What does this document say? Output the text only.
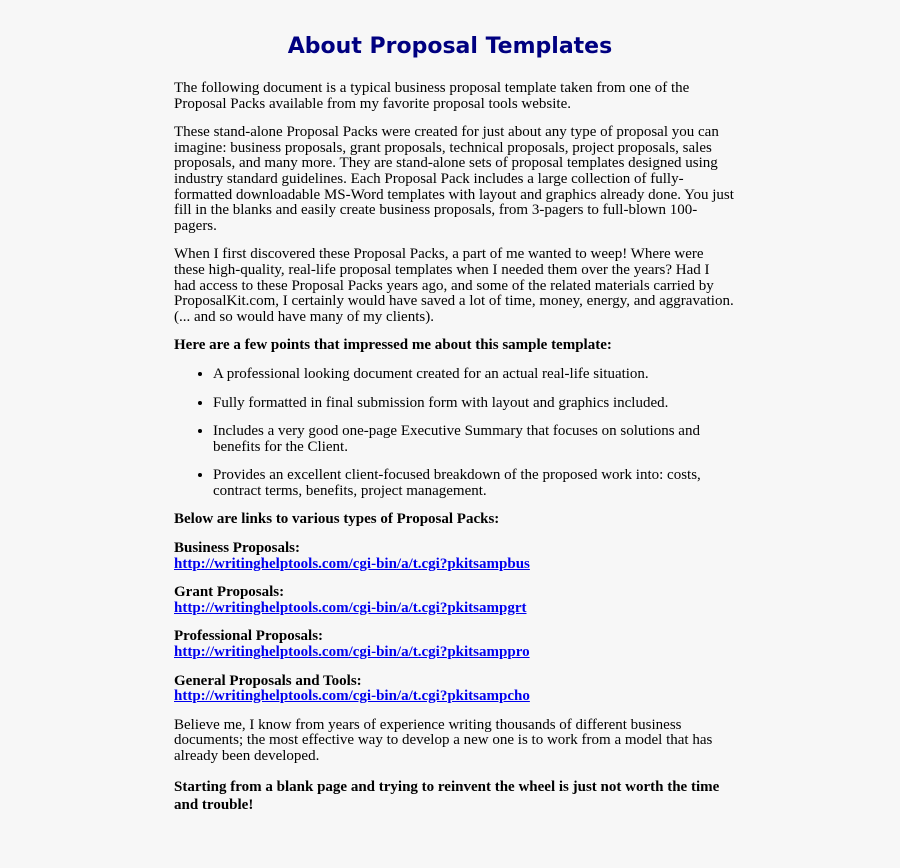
About Proposal Templates

The following document is a typical business proposal template taken from one of the Proposal Packs available from my favorite proposal tools website.

These stand-alone Proposal Packs were created for just about any type of proposal you can imagine: business proposals, grant proposals, technical proposals, project proposals, sales proposals, and many more. They are stand-alone sets of proposal templates designed using industry standard guidelines. Each Proposal Pack includes a large collection of fully-formatted downloadable MS-Word templates with layout and graphics already done. You just fill in the blanks and easily create business proposals, from 3-pagers to full-blown 100-pagers.

When I first discovered these Proposal Packs, a part of me wanted to weep! Where were these high-quality, real-life proposal templates when I needed them over the years? Had I had access to these Proposal Packs years ago, and some of the related materials carried by ProposalKit.com, I certainly would have saved a lot of time, money, energy, and aggravation. (... and so would have many of my clients).

Here are a few points that impressed me about this sample template:

• A professional looking document created for an actual real-life situation.
• Fully formatted in final submission form with layout and graphics included.
• Includes a very good one-page Executive Summary that focuses on solutions and benefits for the Client.
• Provides an excellent client-focused breakdown of the proposed work into: costs, contract terms, benefits, project management.

Below are links to various types of Proposal Packs:

Business Proposals:
http://writinghelptools.com/cgi-bin/a/t.cgi?pkitsampbus

Grant Proposals:
http://writinghelptools.com/cgi-bin/a/t.cgi?pkitsampgrt

Professional Proposals:
http://writinghelptools.com/cgi-bin/a/t.cgi?pkitsamppro

General Proposals and Tools:
http://writinghelptools.com/cgi-bin/a/t.cgi?pkitsampcho

Believe me, I know from years of experience writing thousands of different business documents; the most effective way to develop a new one is to work from a model that has already been developed.

Starting from a blank page and trying to reinvent the wheel is just not worth the time and trouble!
